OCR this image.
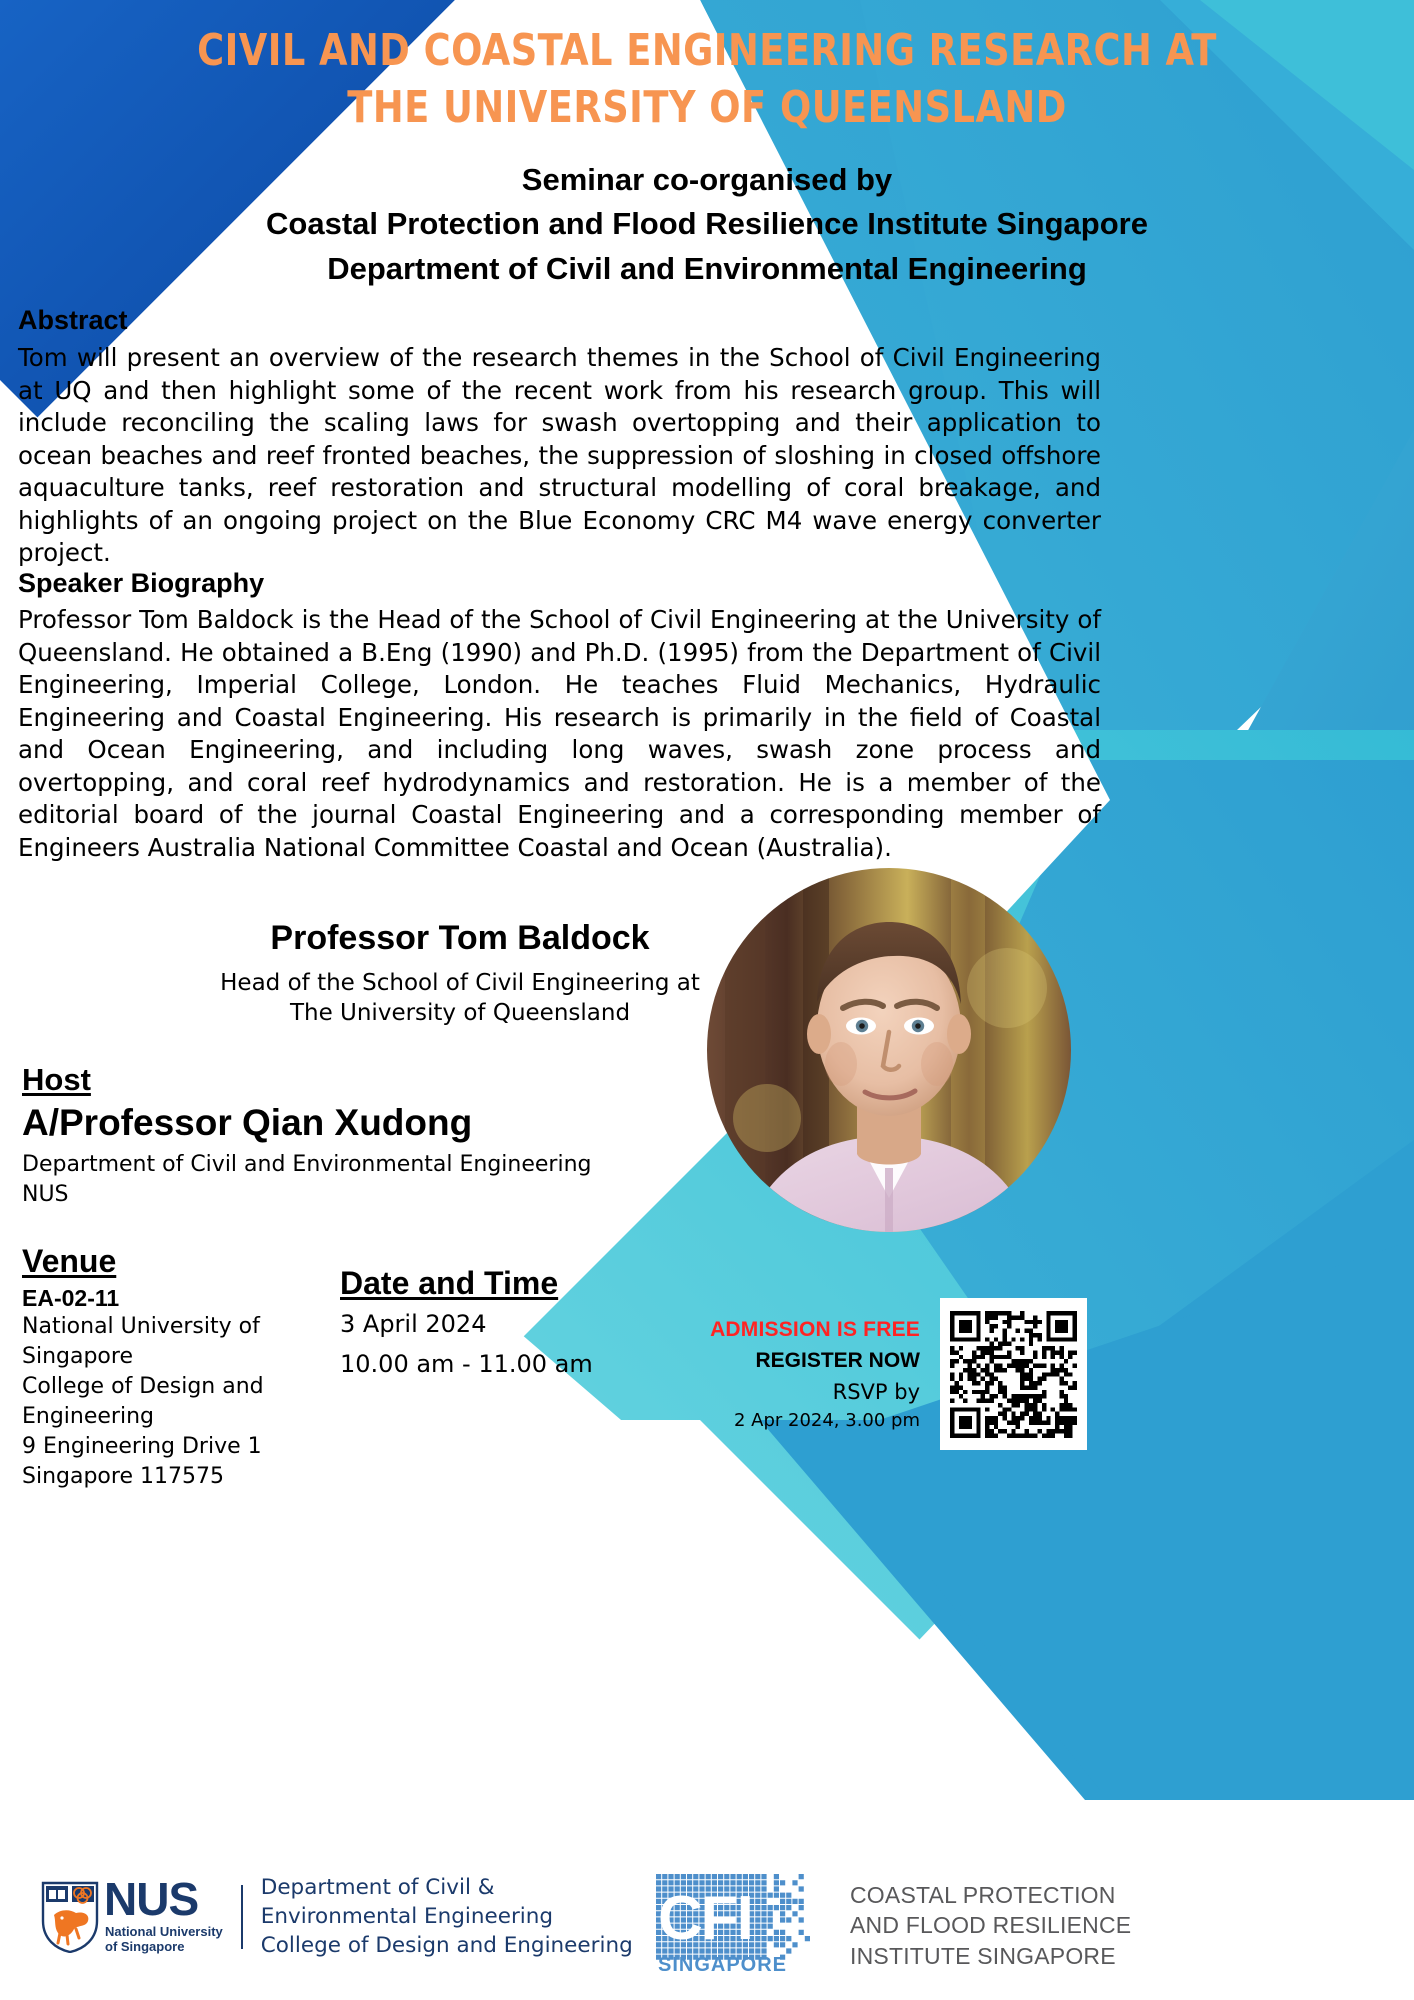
CIVIL AND COASTAL ENGINEERING RESEARCH AT
THE UNIVERSITY OF QUEENSLAND
Seminar co-organised by
Coastal Protection and Flood Resilience Institute Singapore
Department of Civil and Environmental Engineering
Abstract
Tom will present an overview of the research themes in the School of Civil Engineering at UQ and then highlight some of the recent work from his research group. This will include reconciling the scaling laws for swash overtopping and their application to ocean beaches and reef fronted beaches, the suppression of sloshing in closed offshore aquaculture tanks, reef restoration and structural modelling of coral breakage, and highlights of an ongoing project on the Blue Economy CRC M4 wave energy converter project.
Speaker Biography
Professor Tom Baldock is the Head of the School of Civil Engineering at the University of Queensland. He obtained a B.Eng (1990) and Ph.D. (1995) from the Department of Civil Engineering, Imperial College, London. He teaches Fluid Mechanics, Hydraulic Engineering and Coastal Engineering. His research is primarily in the field of Coastal and Ocean Engineering, and including long waves, swash zone process and overtopping, and coral reef hydrodynamics and restoration. He is a member of the editorial board of the journal Coastal Engineering and a corresponding member of Engineers Australia National Committee Coastal and Ocean (Australia).
Professor Tom Baldock
Head of the School of Civil Engineering at
The University of Queensland
Host
A/Professor Qian Xudong
Department of Civil and Environmental Engineering
NUS
Venue
EA-02-11
National University of Singapore
College of Design and
Engineering
9 Engineering Drive 1
Singapore 117575
Date and Time
3 April 2024
10.00 am - 11.00 am
ADMISSION IS FREE
REGISTER NOW
RSVP by
2 Apr 2024, 3.00 pm
NUS
National University
of Singapore
Department of Civil &
Environmental Engineering
College of Design and Engineering CFI
SINGAPORE
COASTAL PROTECTION
AND FLOOD RESILIENCE
INSTITUTE SINGAPORE
